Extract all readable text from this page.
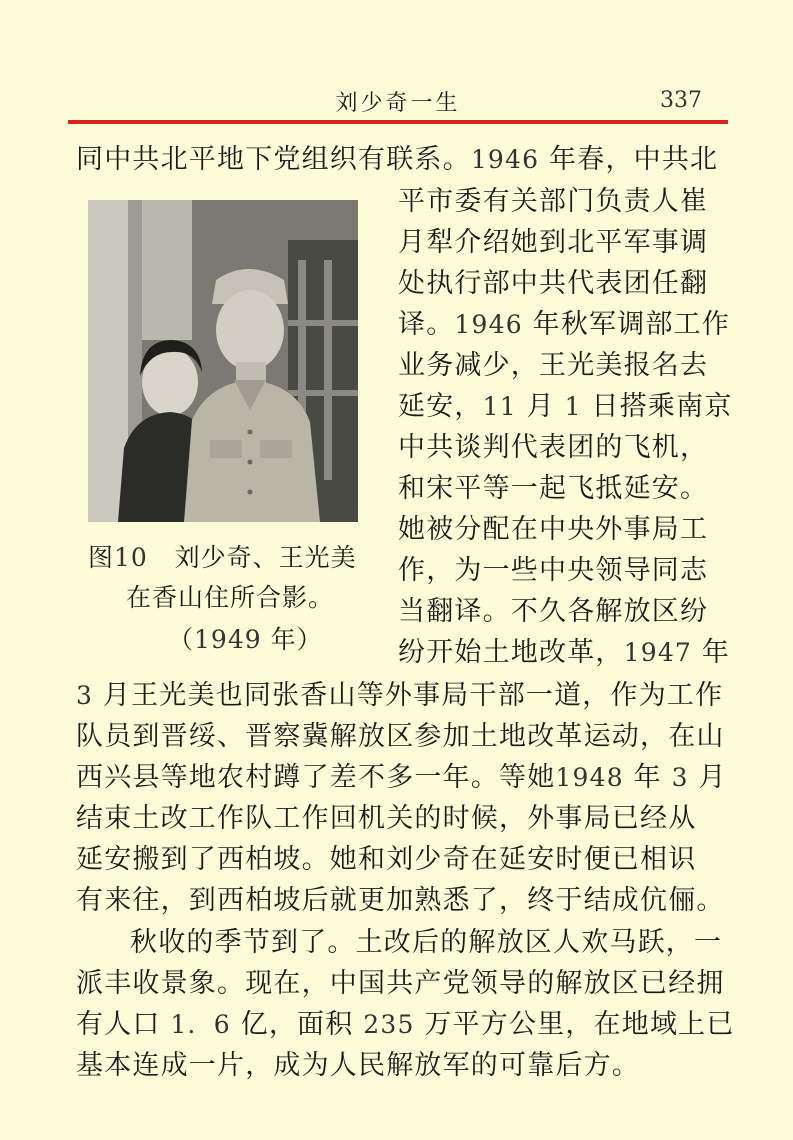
刘少奇一生	337
同中共北平地下党组织有联系。1946 年春，中共北
平市委有关部门负责人崔
月犁介绍她到北平军事调
处执行部中共代表团任翻
译。1946 年秋军调部工作
业务减少，王光美报名去
延安，11 月 1 日搭乘南京
中共谈判代表团的飞机，
和宋平等一起飞抵延安。
她被分配在中央外事局工
作，为一些中央领导同志
当翻译。不久各解放区纷
纷开始土地改革，1947 年
3 月王光美也同张香山等外事局干部一道，作为工作
队员到晋绥、晋察冀解放区参加土地改革运动，在山
西兴县等地农村蹲了差不多一年。等她1948 年 3 月
结束土改工作队工作回机关的时候，外事局已经从
延安搬到了西柏坡。她和刘少奇在延安时便已相识
有来往，到西柏坡后就更加熟悉了，终于结成伉俪。
秋收的季节到了。土改后的解放区人欢马跃，一
派丰收景象。现在，中国共产党领导的解放区已经拥
有人口 1．6 亿，面积 235 万平方公里，在地域上已
基本连成一片，成为人民解放军的可靠后方。
图10 刘少奇、王光美
在香山住所合影。
（1949 年）
